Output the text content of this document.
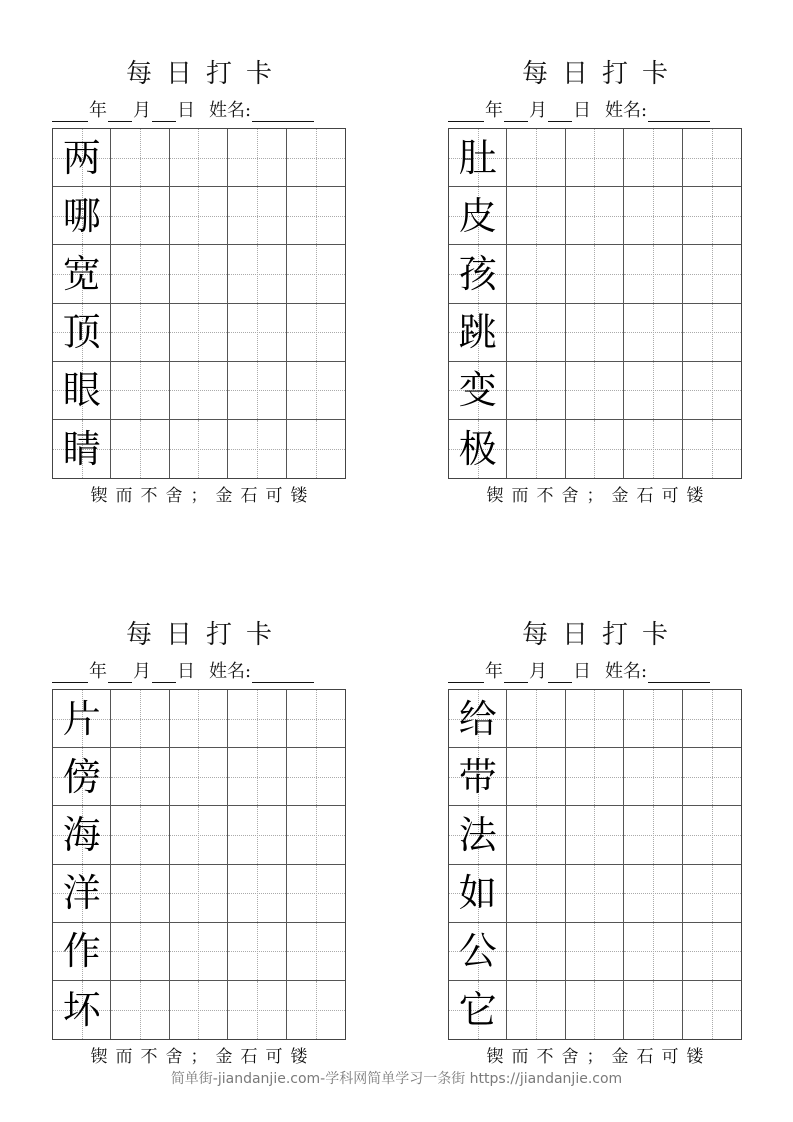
每日打卡
年 月 日 姓名:
两
哪
宽
顶
眼
睛
锲而不舍；金石可镂
每日打卡
年 月 日 姓名:
肚
皮
孩
跳
变
极
锲而不舍；金石可镂
每日打卡
年 月 日 姓名:
片
傍
海
洋
作
坏
锲而不舍；金石可镂
每日打卡
年 月 日 姓名:
给
带
法
如
公
它
锲而不舍；金石可镂
简单街-jiandanjie.com-学科网简单学习一条街 https://jiandanjie.com
